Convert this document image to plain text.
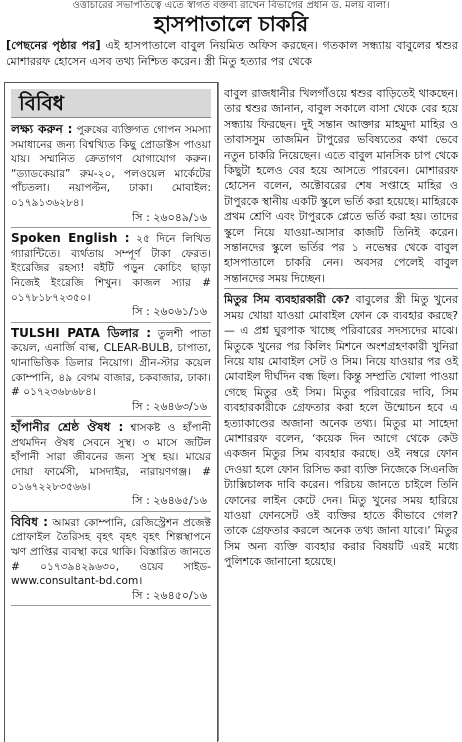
ওত্তাচারের সভাপতিত্বে এতে স্বাগত বক্তব্য রাখেন বিভাগের প্রধান ড. মলয় বালা।
হাসপাতালে চাকরি
[পেছনের পৃষ্ঠার পর] এই হাসপাতালে বাবুল নিয়মিত অফিস করছেন। গতকাল সন্ধ্যায় বাবুলের শ্বশুর মোশাররফ হোসেন এসব তথ্য নিশ্চিত করেন। স্ত্রী মিতু হত্যার পর থেকে
বিবিধ
লক্ষ্য করুন : পুরুষের ব্যক্তিগত গোপন সমস্যা সমাধানের জন্য বিশ্বখ্যিত কিছু প্রোডাক্টস পাওয়া যায়। সম্মানিত ক্রেতাগণ যোগাযোগ করুন। “ড্যাডকেয়ার” রুম-২০, পলওয়েল মার্কেটের পাঁচতলা। নয়াপল্টন, ঢাকা। মোবাইল: ০১৭৯১৩৬২৮৪।
সি : ২৬০৪৯/১৬
Spoken English : ২৫ দিনে লিখিত গ্যারান্টিতে। ব্যর্থতায় সম্পূর্ণ টাকা ফেরত। ইংরেজির রহস্য! বইটি পড়ুন কোচিং ছাড়া নিজেই ইংরেজি শিখুন। কাজল স্যার # ০১৭৮১৮৭২৩৫০।
সি : ২৬০৬১/১৬
TULSHI PATA ডিলার : তুলশী পাতা কয়েল, এনার্জি বাল্ব, CLEAR-BULB, চাপাতা, থানাভিত্তিক ডিলার নিয়োগ। গ্রীন-স্টার কয়েল কোম্পানি, ৪৯ বেগম বাজার, চকবাজার, ঢাকা। # ০১৭২৩৬৮৬৮৪।
সি : ২৬৪৬৩/১৬
হাঁপানীর শ্রেষ্ঠ ঔষধ : শ্বাসকষ্ট ও হাঁপানী প্রথমদিন ঔষধ সেবনে সুস্থ। ৩ মাসে জটিল হাঁপানী সারা জীবনের জন্য সুস্থ হয়। মায়ের দোয়া ফার্মেসী, মাসদাইর, নারায়ণগঞ্জ। # ০১৬৭২২৮৩৫৬৬।
সি : ২৬৪৬৫/১৬
বিবিধ : আমরা কোম্পানি, রেজিস্ট্রেশন প্রজেক্ট প্রোফাইল তৈরিসহ বৃহৎ বৃহৎ বৃহৎ শিল্পস্থাপনে ঋণ প্রাপ্তির ব্যবস্থা করে থাকি। বিস্তারিত জানতে # ০১৭৩৯৪২৯৬৩০, ওয়েব সাইড- www.consultant-bd.com।
সি : ২৬৪৫০/১৬

বাবুল রাজধানীর খিলগাঁওয়ে শ্বশুর বাড়িতেই থাকছেন। তার শ্বশুর জানান, বাবুল সকালে বাসা থেকে বের হয়ে সন্ধ্যায় ফিরছেন। দুই সন্তান আক্তার মাহমুদা মাহির ও তাবাসসুম তাজমিন টাপুরের ভবিষ্যতের কথা ভেবে নতুন চাকরি নিয়েছেন। এতে বাবুল মানসিক চাপ থেকে কিছুটা হলেও বের হয়ে আসতে পারবেন। মোশাররফ হোসেন বলেন, অক্টোবরের শেষ সপ্তাহে মাহির ও টাপুরকে স্থানীয় একটি স্কুলে ভর্তি করা হয়েছে। মাহিরকে প্রথম শ্রেণি এবং টাপুরকে প্লেতে ভর্তি করা হয়। তাদের স্কুলে নিয়ে যাওয়া-আসার কাজটি তিনিই করেন। সন্তানদের স্কুলে ভর্তির পর ১ নভেম্বর থেকে বাবুল হাসপাতালে চাকরি নেন। অবসর পেলেই বাবুল সন্তানদের সময় দিচ্ছেন।

মিতুর সিম ব্যবহারকারী কে? বাবুলের স্ত্রী মিতু খুনের সময় খোয়া যাওয়া মোবাইল ফোন কে ব্যবহার করছে?— এ প্রশ্ন ঘুরপাক খাচ্ছে পরিবারের সদস্যদের মাঝে। মিতুকে খুনের পর কিলিং মিশনে অংশগ্রহণকারী খুনিরা নিয়ে যায় মোবাইল সেট ও সিম। নিয়ে যাওয়ার পর ওই মোবাইল দীর্ঘদিন বন্ধ ছিল। কিন্তু সম্প্রতি খোলা পাওয়া গেছে মিতুর ওই সিম। মিতুর পরিবারের দাবি, সিম ব্যবহারকারীকে গ্রেফতার করা হলে উন্মোচন হবে এ হত্যাকাণ্ডের অজানা অনেক তথ্য। মিতুর মা সাহেদা মোশাররফ বলেন, ‘কয়েক দিন আগে থেকে কেউ একজন মিতুর সিম ব্যবহার করছে। ওই নম্বরে ফোন দেওয়া হলে ফোন রিসিভ করা ব্যক্তি নিজেকে সিএনজি ট্যাক্সিচালক দাবি করেন। পরিচয় জানতে চাইলে তিনি ফোনের লাইন কেটে দেন। মিতু খুনের সময় হারিয়ে যাওয়া ফোনসেট ওই ব্যক্তির হাতে কীভাবে গেল? তাকে গ্রেফতার করলে অনেক তথ্য জানা যাবে।’ মিতুর সিম অন্য ব্যক্তি ব্যবহার করার বিষয়টি এরই মধ্যে পুলিশকে জানানো হয়েছে।
